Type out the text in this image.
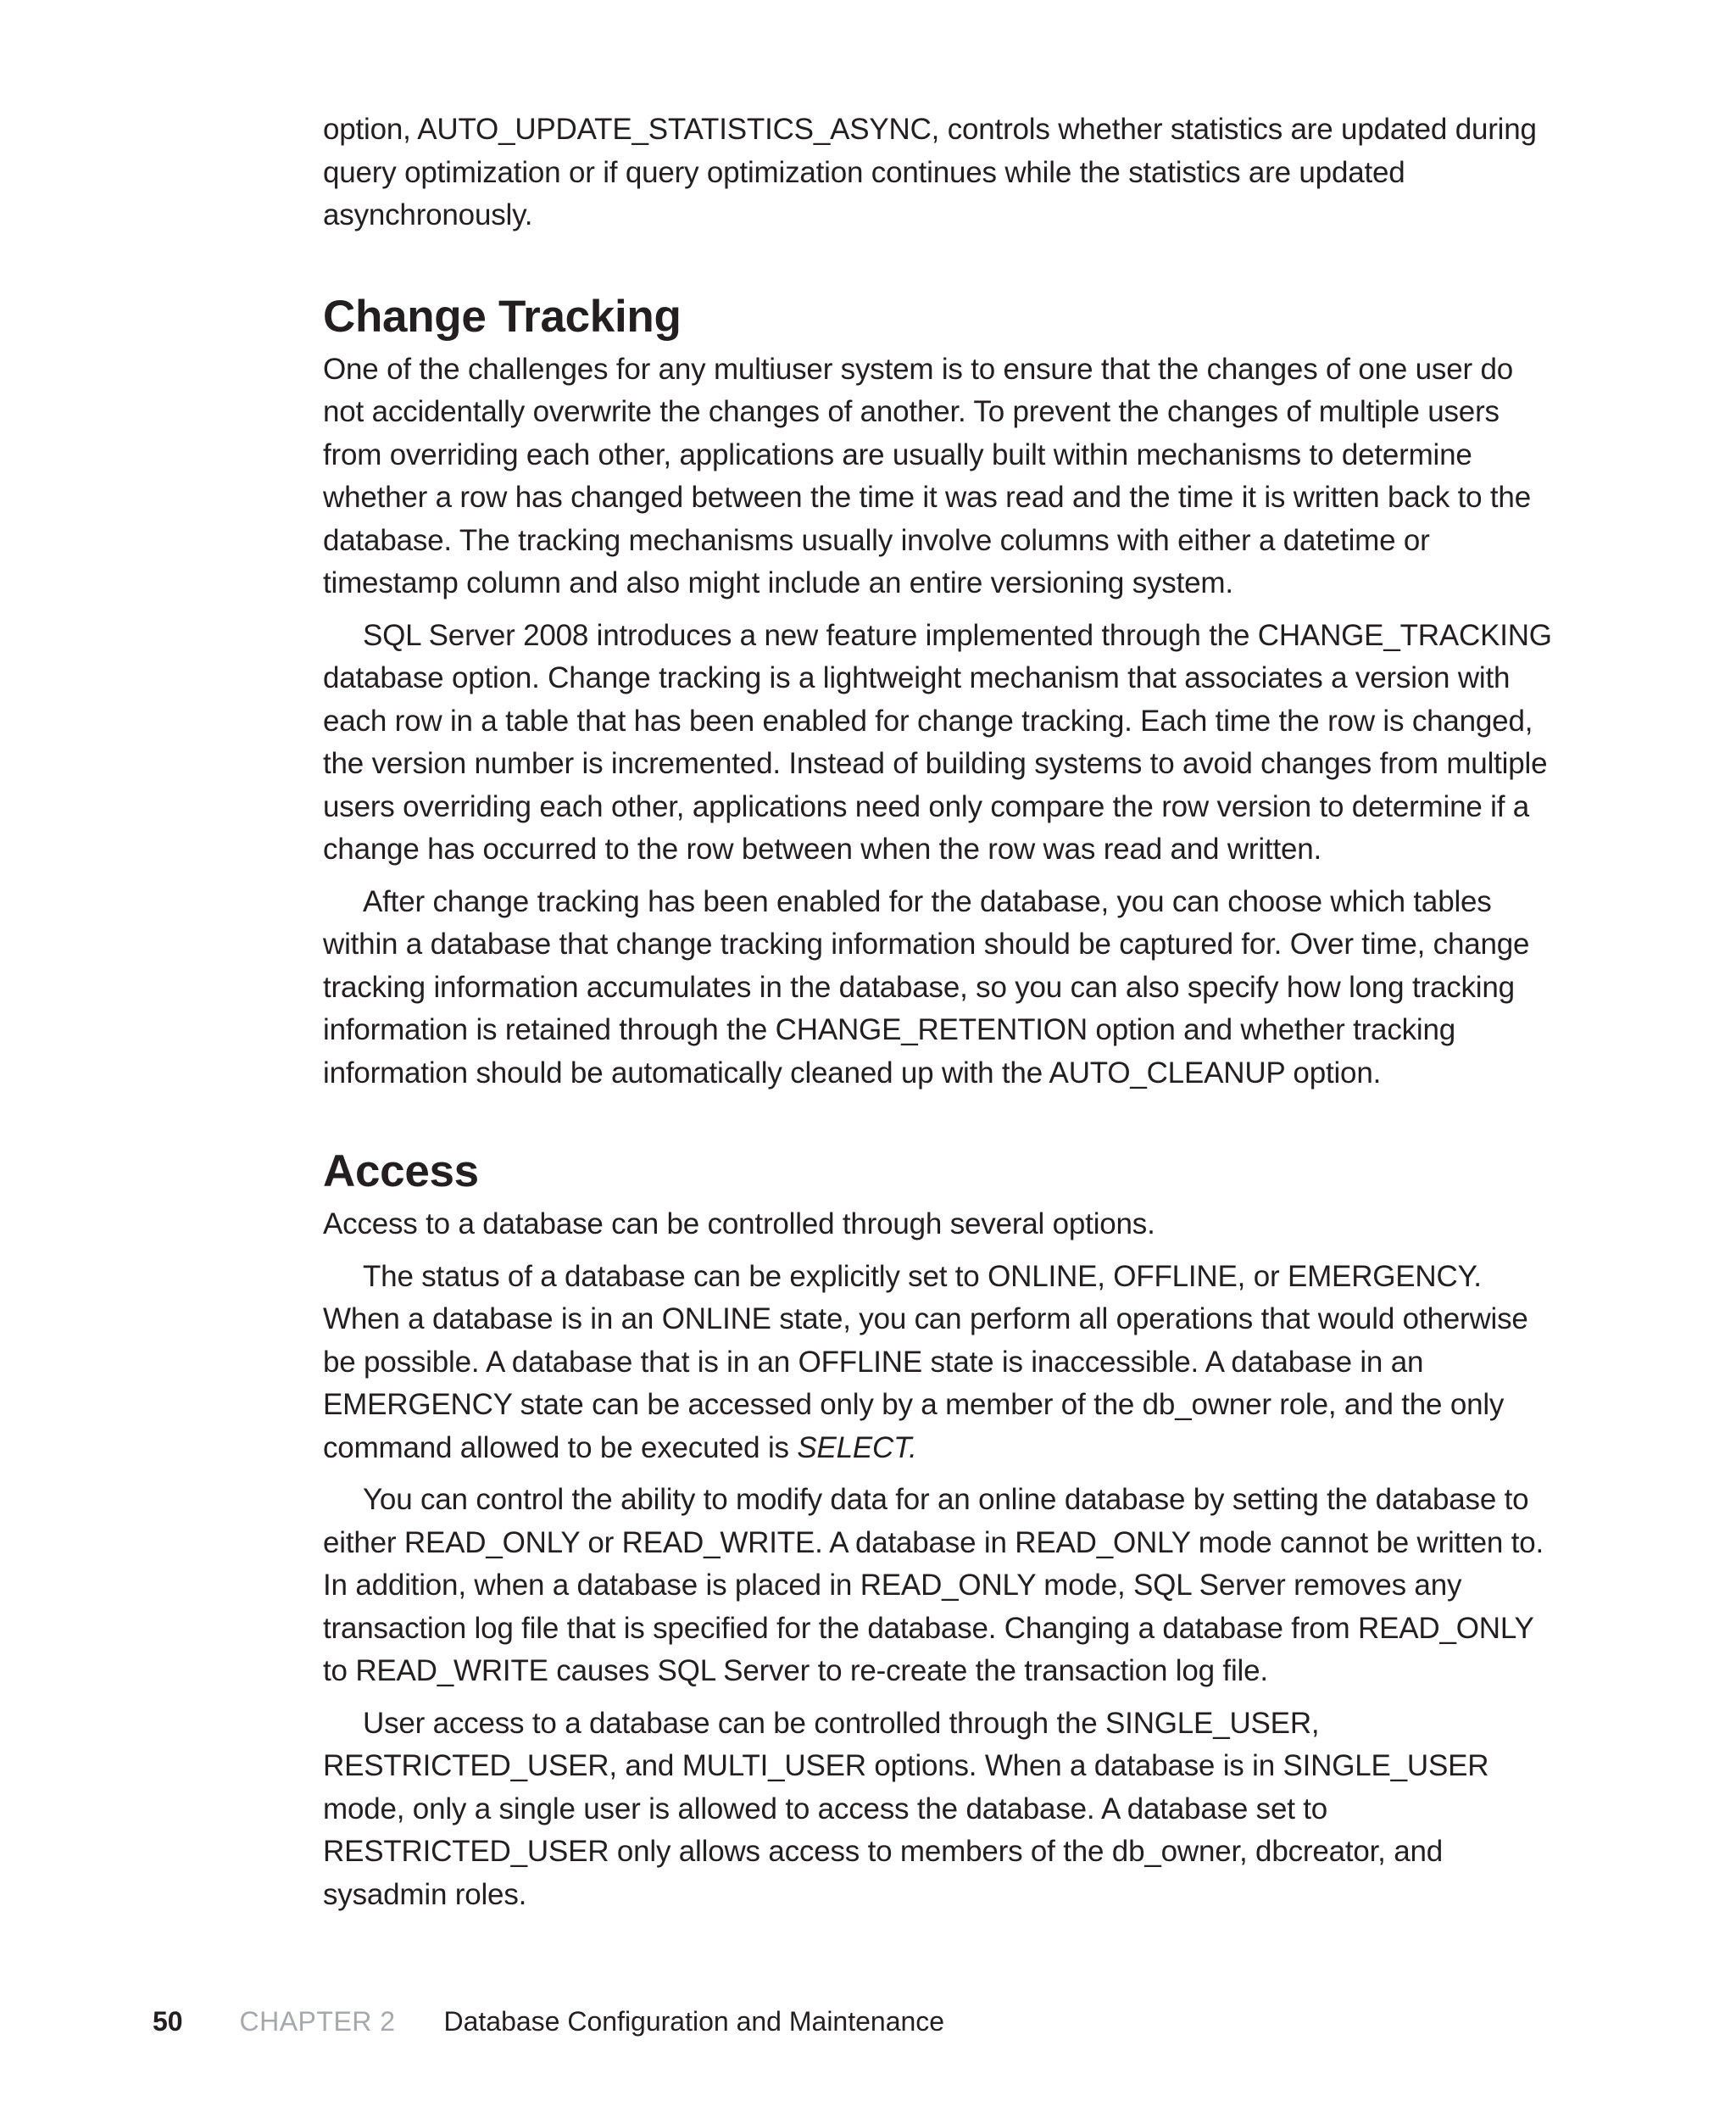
option, AUTO_UPDATE_STATISTICS_ASYNC, controls whether statistics are updated during query optimization or if query optimization continues while the statistics are updated asynchronously.

Change Tracking

One of the challenges for any multiuser system is to ensure that the changes of one user do not accidentally overwrite the changes of another. To prevent the changes of multiple users from overriding each other, applications are usually built within mechanisms to determine whether a row has changed between the time it was read and the time it is written back to the database. The tracking mechanisms usually involve columns with either a datetime or timestamp column and also might include an entire versioning system.

SQL Server 2008 introduces a new feature implemented through the CHANGE_TRACKING database option. Change tracking is a lightweight mechanism that associates a version with each row in a table that has been enabled for change tracking. Each time the row is changed, the version number is incremented. Instead of building systems to avoid changes from multiple users overriding each other, applications need only compare the row version to determine if a change has occurred to the row between when the row was read and written.

After change tracking has been enabled for the database, you can choose which tables within a database that change tracking information should be captured for. Over time, change tracking information accumulates in the database, so you can also specify how long tracking information is retained through the CHANGE_RETENTION option and whether tracking information should be automatically cleaned up with the AUTO_CLEANUP option.

Access

Access to a database can be controlled through several options.

The status of a database can be explicitly set to ONLINE, OFFLINE, or EMERGENCY. When a database is in an ONLINE state, you can perform all operations that would otherwise be possible. A database that is in an OFFLINE state is inaccessible. A database in an EMERGENCY state can be accessed only by a member of the db_owner role, and the only command allowed to be executed is SELECT.

You can control the ability to modify data for an online database by setting the database to either READ_ONLY or READ_WRITE. A database in READ_ONLY mode cannot be written to. In addition, when a database is placed in READ_ONLY mode, SQL Server removes any transaction log file that is specified for the database. Changing a database from READ_ONLY to READ_WRITE causes SQL Server to re-create the transaction log file.

User access to a database can be controlled through the SINGLE_USER, RESTRICTED_USER, and MULTI_USER options. When a database is in SINGLE_USER mode, only a single user is allowed to access the database. A database set to RESTRICTED_USER only allows access to members of the db_owner, dbcreator, and sysadmin roles.

50 CHAPTER 2 Database Configuration and Maintenance
